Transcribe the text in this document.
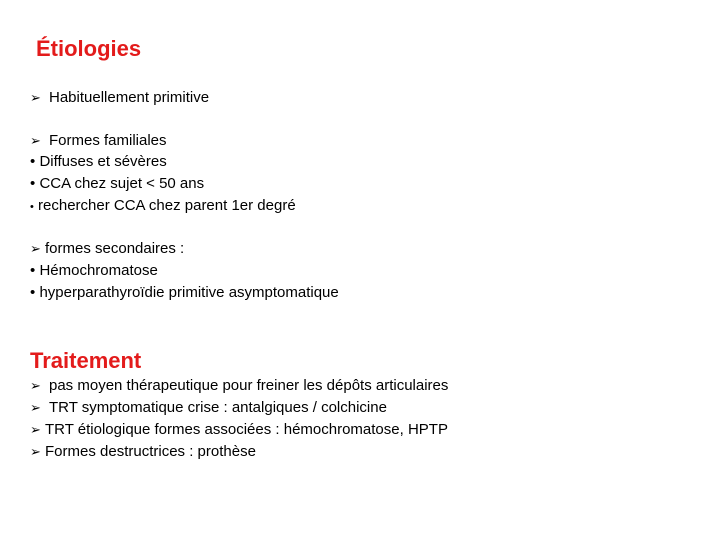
Étiologies
➢ Habituellement primitive
➢ Formes familiales
• Diffuses et sévères
• CCA chez sujet < 50 ans
• rechercher CCA chez parent 1er degré
➢ formes secondaires :
• Hémochromatose
• hyperparathyroïdie primitive asymptomatique
Traitement
➢ pas moyen thérapeutique pour freiner les dépôts articulaires
➢ TRT symptomatique crise : antalgiques / colchicine
➢ TRT étiologique formes associées : hémochromatose, HPTP
➢ Formes destructrices : prothèse
